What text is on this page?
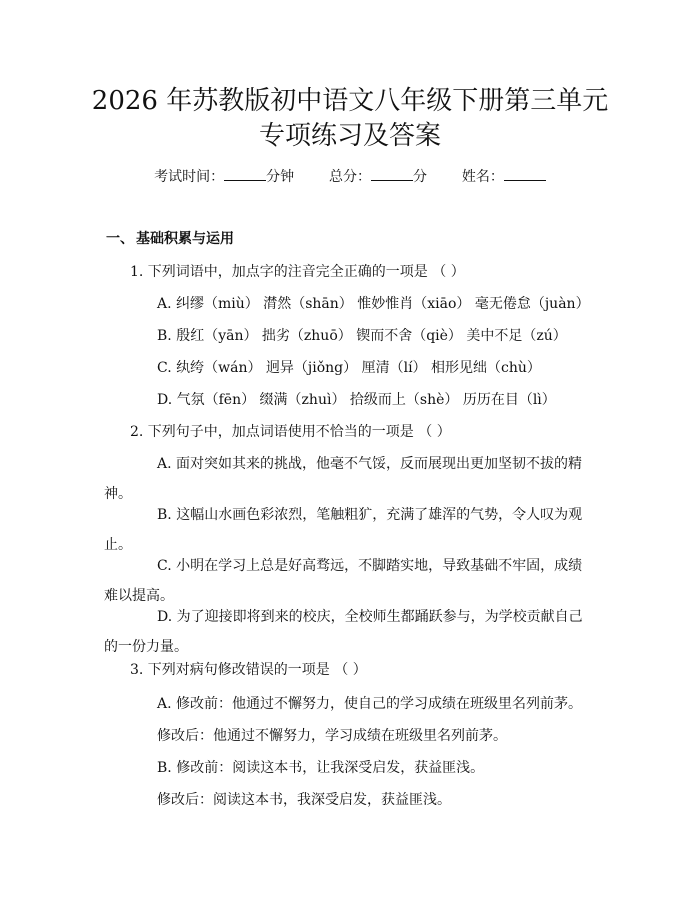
2026 年苏教版初中语文八年级下册第三单元
专项练习及答案
考试时间：	分钟 总分：	分 姓名：
一、 基础积累与运用
1. 下列词语中，加点字的注音完全正确的一项是 （ ）
A. 纠缪（miù） 潸然（shān） 惟妙惟肖（xiāo） 毫无倦怠（juàn）
B. 殷红（yān） 拙劣（zhuō） 锲而不舍（qiè） 美中不足（zú）
C. 纨绔（wán） 迥异（jiǒng） 厘清（lí） 相形见绌（chù）
D. 气氛（fēn） 缀满（zhuì） 拾级而上（shè） 历历在目（lì）
2. 下列句子中，加点词语使用不恰当的一项是 （ ）
A. 面对突如其来的挑战，他毫不气馁，反而展现出更加坚韧不拔的精神。
B. 这幅山水画色彩浓烈，笔触粗犷，充满了雄浑的气势，令人叹为观止。
C. 小明在学习上总是好高骛远，不脚踏实地，导致基础不牢固，成绩难以提高。
D. 为了迎接即将到来的校庆，全校师生都踊跃参与，为学校贡献自己的一份力量。
3. 下列对病句修改错误的一项是 （ ）
A. 修改前：他通过不懈努力，使自己的学习成绩在班级里名列前茅。
修改后：他通过不懈努力，学习成绩在班级里名列前茅。
B. 修改前：阅读这本书，让我深受启发，获益匪浅。
修改后：阅读这本书，我深受启发，获益匪浅。
